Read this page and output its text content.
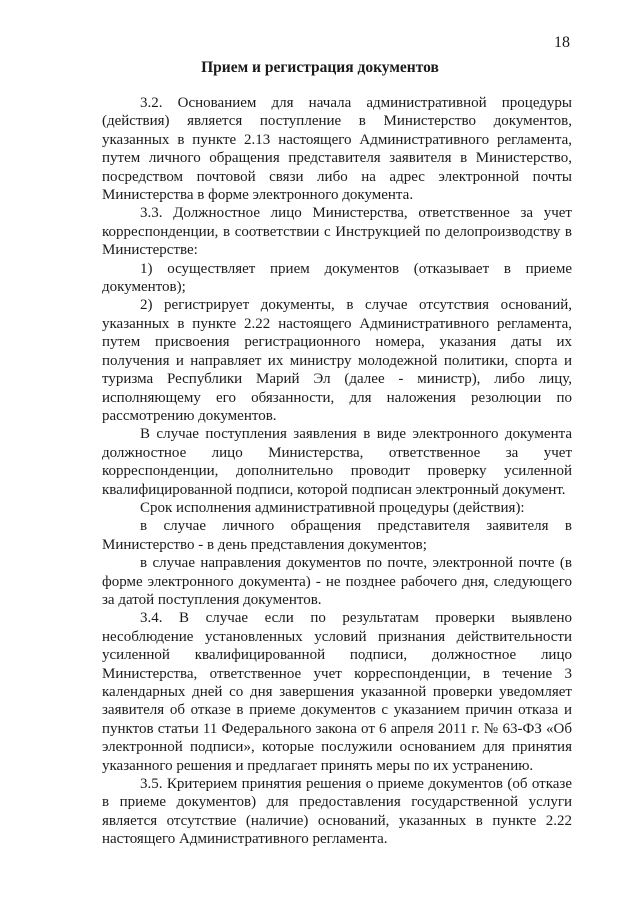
18
Прием и регистрация документов

3.2. Основанием для начала административной процедуры (действия) является поступление в Министерство документов, указанных в пункте 2.13 настоящего Административного регламента, путем личного обращения представителя заявителя в Министерство, посредством почтовой связи либо на адрес электронной почты Министерства в форме электронного документа.

3.3. Должностное лицо Министерства, ответственное за учет корреспонденции, в соответствии с Инструкцией по делопроизводству в Министерстве:

1) осуществляет прием документов (отказывает в приеме документов);

2) регистрирует документы, в случае отсутствия оснований, указанных в пункте 2.22 настоящего Административного регламента, путем присвоения регистрационного номера, указания даты их получения и направляет их министру молодежной политики, спорта и туризма Республики Марий Эл (далее - министр), либо лицу, исполняющему его обязанности, для наложения резолюции по рассмотрению документов.

В случае поступления заявления в виде электронного документа должностное лицо Министерства, ответственное за учет корреспонденции, дополнительно проводит проверку усиленной квалифицированной подписи, которой подписан электронный документ.

Срок исполнения административной процедуры (действия):

в случае личного обращения представителя заявителя в Министерство - в день представления документов;

в случае направления документов по почте, электронной почте (в форме электронного документа) - не позднее рабочего дня, следующего за датой поступления документов.

3.4. В случае если по результатам проверки выявлено несоблюдение установленных условий признания действительности усиленной квалифицированной подписи, должностное лицо Министерства, ответственное учет корреспонденции, в течение 3 календарных дней со дня завершения указанной проверки уведомляет заявителя об отказе в приеме документов с указанием причин отказа и пунктов статьи 11 Федерального закона от 6 апреля 2011 г. № 63-ФЗ «Об электронной подписи», которые послужили основанием для принятия указанного решения и предлагает принять меры по их устранению.

3.5. Критерием принятия решения о приеме документов (об отказе в приеме документов) для предоставления государственной услуги является отсутствие (наличие) оснований, указанных в пункте 2.22 настоящего Административного регламента.
